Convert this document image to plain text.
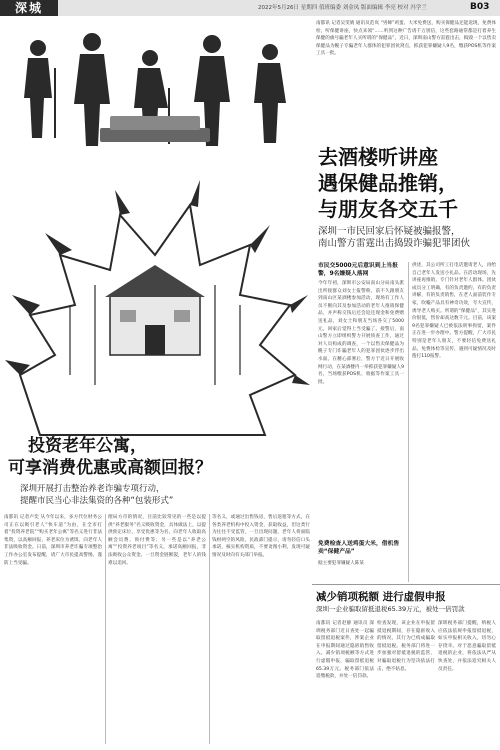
深城	2022年5月26日 星期四 值班编委 刘金凤 版面编辑 李亮 校对 冯学兰	B03
南都讯 记者吴雯婧 通讯员范岚 “男婶”鸡蛋、大米免费送，购买保健品还能返现，免费体检、听保健讲座，快点来领“……听到这种广告请千万别信，这些套路通常都是打着养生保健的旗号骗老年人买所谓的“保健品”。近日，深圳南山警方雷霆出击，捣毁一个以售卖保健品为幌子专骗老年人群体的犯罪团伙窝点，抓获犯罪嫌疑人9名，缴获POS机等作案工具一批。
去酒楼听讲座
遇保健品推销，
与朋友各交五千
深圳一市民回家后怀疑被骗报警，
南山警方雷霆出击捣毁诈骗犯罪团伙
市民交5000元后意识到上当报警，9名嫌疑人落网
今年年初，深圳市公安局南山分局南头派出所接群众刘女士报警称，前不久跟朋友到南山区某酒楼参加活动，现场有工作人员不断向其及参加活动的老年人推销保健品，并声称交钱后还会返还现金和免费赠送礼品，刘女士和朋友当场各交了5000元，回家后觉得上当受骗了。接警后，南山警方立即组织警力开展侦查工作，通过对人员构成的调查，一个以售卖保健品为幌子专门诈骗老年人的犯罪团伙逐步浮出水面。在精心部署后，警方于近日开展收网行动，在某酒楼内一举抓获犯罪嫌疑人9名，当场缴获POS机、收据等作案工具一批。
免费检查人送鸡蛋大米，借机售卖“保健产品”
据主要犯罪嫌疑人陈某
供述，其公司所工打电话邀请老人，再给自己老年人发送小礼品。在活动现场，先讲座再推销，专门针对老年人群体。团伙成员分工明确，有的负责邀约，有的负责讲解，有的负责销售，在老人面前装作专家，吹嘘产品具有神奇功效，夸大宣传，诱导老人购买。所谓的“保健品”，其实进价很低，售价却高达数千元。目前，该案9名犯罪嫌疑人已被依法刑事拘留，案件正在进一步办理中。警方提醒，广大市民特别是老年人朋友，不要轻信免费送礼品、免费体检等宣传，遇到可疑情况及时拨打110报警。
投资老年公寓，
可享消费优惠或高额回报？
深圳开展打击整治养老诈骗专项行动，
提醒市民当心非法集资的各种“包装形式”
南都讯 记者卢奕 从今年以来，多方代位财务公司正在以吸引老人“快车道”为由，在全市打着“投资养老院”“购买老年公寓”等名义进行非法集资，以高额回报、养老床位为诱饵，向老年人非法吸收资金。日前，深圳市养老诈骗专项整治工作办公室发布提醒，请广大市民提高警惕，谨防上当受骗。
理局方市的情况，目前比较常见的一些是以提供“养老服务”名义吸收资金，具体做法上，以提供预定床位、享受优惠等为名，向老年人收取高额会员费、预付费等；另一些是以“养老公寓”“投资养老项目”等名义，承诺高额回报，非法吸收公众资金。一旦资金链断裂，老年人的钱难以追回。
等名义，或通过出售钱房、售后返租等方式，在各类养老机构中投入资金，获取收益，但这类行为往往不受监管，一旦出现问题，老年人将面临钱财两空的风险。民政部门提示，请勿轻信口头承诺，核实机构资质，不要贪图小利，发现可疑情况及时向有关部门举报。
减少销项税额 进行虚假申报
深圳一企业骗取留抵退税65.39万元，被处一倍罚款
南都讯 记者赵静 通讯员 深圳税务部门近日查处一起骗取留抵退税案件，涉案企业在申报期间通过隐匿销售收入、减少销项税额等方式进行虚假申报，骗取留抵退税65.39万元。税务部门依法追缴税款，并处一倍罚款。
检查发现，该企业在申报留抵退税期间，存在隐匿收入的情况，其行为已构成骗取留抵退税。税务部门将进一步加强对留抵退税的监管，对骗取退税行为坚决依法打击，绝不姑息。
深圳税务部门提醒，纳税人应依法依规申报留抵退税，如实申报相关收入，切勿心存侥幸。对于恶意骗取留抵退税的企业，将依法从严从快查处，并依法追究相关人员责任。
